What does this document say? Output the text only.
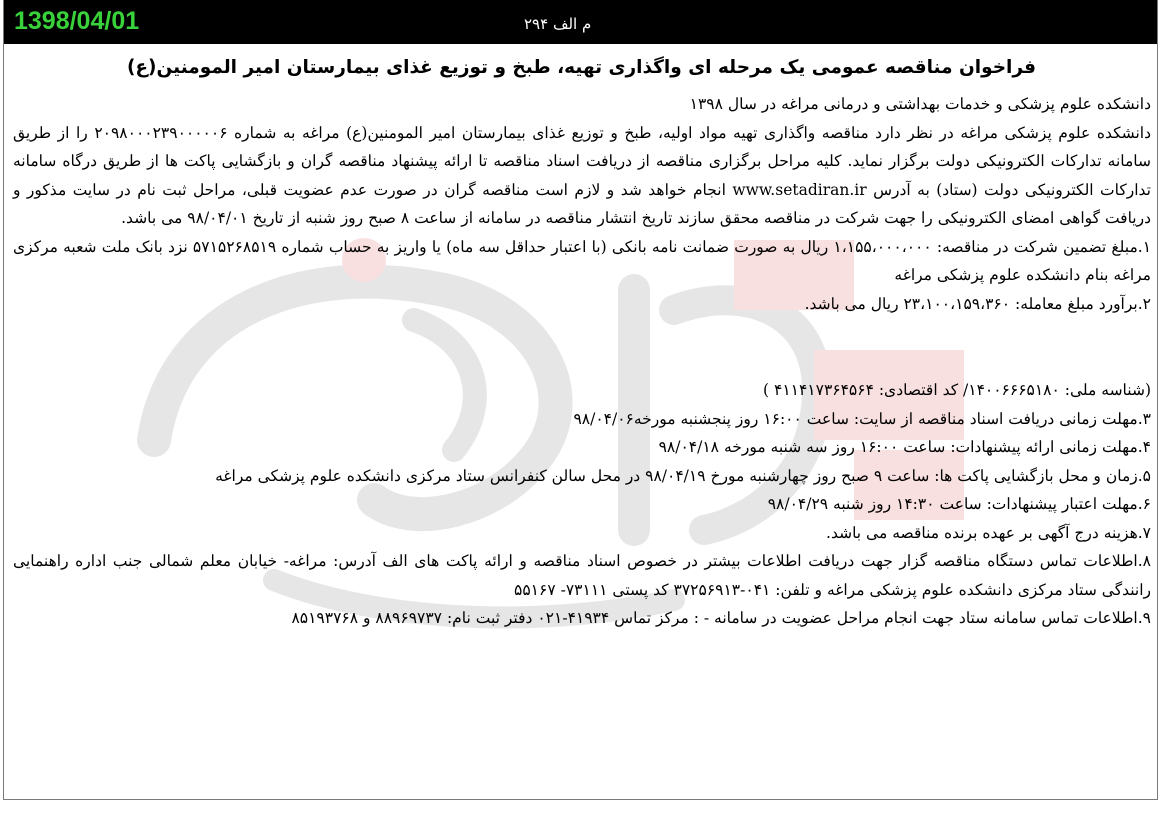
1398/04/01	م الف ۲۹۴
فراخوان مناقصه عمومی یک مرحله ای واگذاری تهیه، طبخ و توزیع غذای بیمارستان امیر المومنین(ع)

دانشکده علوم پزشکی و خدمات بهداشتی و درمانی مراغه در سال ۱۳۹۸

دانشکده علوم پزشکی مراغه در نظر دارد مناقصه واگذاری تهیه مواد اولیه، طبخ و توزیع غذای بیمارستان امیر المومنین(ع) مراغه به شماره ۲۰۹۸۰۰۰۲۳۹۰۰۰۰۰۶ را از طریق سامانه تدارکات الکترونیکی دولت برگزار نماید. کلیه مراحل برگزاری مناقصه از دریافت اسناد مناقصه تا ارائه پیشنهاد مناقصه گران و بازگشایی پاکت ها از طریق درگاه سامانه تدارکات الکترونیکی دولت (ستاد) به آدرس www.setadiran.ir انجام خواهد شد و لازم است مناقصه گران در صورت عدم عضویت قبلی، مراحل ثبت نام در سایت مذکور و دریافت گواهی امضای الکترونیکی را جهت شرکت در مناقصه محقق سازند تاریخ انتشار مناقصه در سامانه از ساعت ۸ صبح روز شنبه از تاریخ ۹۸/۰۴/۰۱ می باشد.

۱.مبلغ تضمین شرکت در مناقصه: ۱،۱۵۵،۰۰۰،۰۰۰ ریال به صورت ضمانت نامه بانکی (با اعتبار حداقل سه ماه) یا واریز به حساب شماره ۵۷۱۵۲۶۸۵۱۹ نزد بانک ملت شعبه مرکزی مراغه بنام دانشکده علوم پزشکی مراغه

۲.برآورد مبلغ معامله: ۲۳،۱۰۰،۱۵۹،۳۶۰ ریال می باشد.

(شناسه ملی: ۱۴۰۰۶۶۶۵۱۸۰/ کد اقتصادی: ۴۱۱۴۱۷۳۶۴۵۶۴ )

۳.مهلت زمانی دریافت اسناد مناقصه از سایت: ساعت ۱۶:۰۰ روز پنجشنبه مورخه۹۸/۰۴/۰۶

۴.مهلت زمانی ارائه پیشنهادات: ساعت ۱۶:۰۰ روز سه شنبه مورخه ۹۸/۰۴/۱۸

۵.زمان و محل بازگشایی پاکت ها: ساعت ۹ صبح روز چهارشنبه مورخ ۹۸/۰۴/۱۹ در محل سالن کنفرانس ستاد مرکزی دانشکده علوم پزشکی مراغه

۶.مهلت اعتبار پیشنهادات: ساعت ۱۴:۳۰ روز شنبه ۹۸/۰۴/۲۹

۷.هزینه درج آگهی بر عهده برنده مناقصه می باشد.

۸.اطلاعات تماس دستگاه مناقصه گزار جهت دریافت اطلاعات بیشتر در خصوص اسناد مناقصه و ارائه پاکت های الف آدرس: مراغه- خیابان معلم شمالی جنب اداره راهنمایی رانندگی ستاد مرکزی دانشکده علوم پزشکی مراغه و تلفن: ۰۴۱-۳۷۲۵۶۹۱۳ کد پستی ۷۳۱۱۱- ۵۵۱۶۷

۹.اطلاعات تماس سامانه ستاد جهت انجام مراحل عضویت در سامانه - : مرکز تماس ۴۱۹۳۴-۰۲۱ دفتر ثبت نام: ۸۸۹۶۹۷۳۷ و ۸۵۱۹۳۷۶۸
